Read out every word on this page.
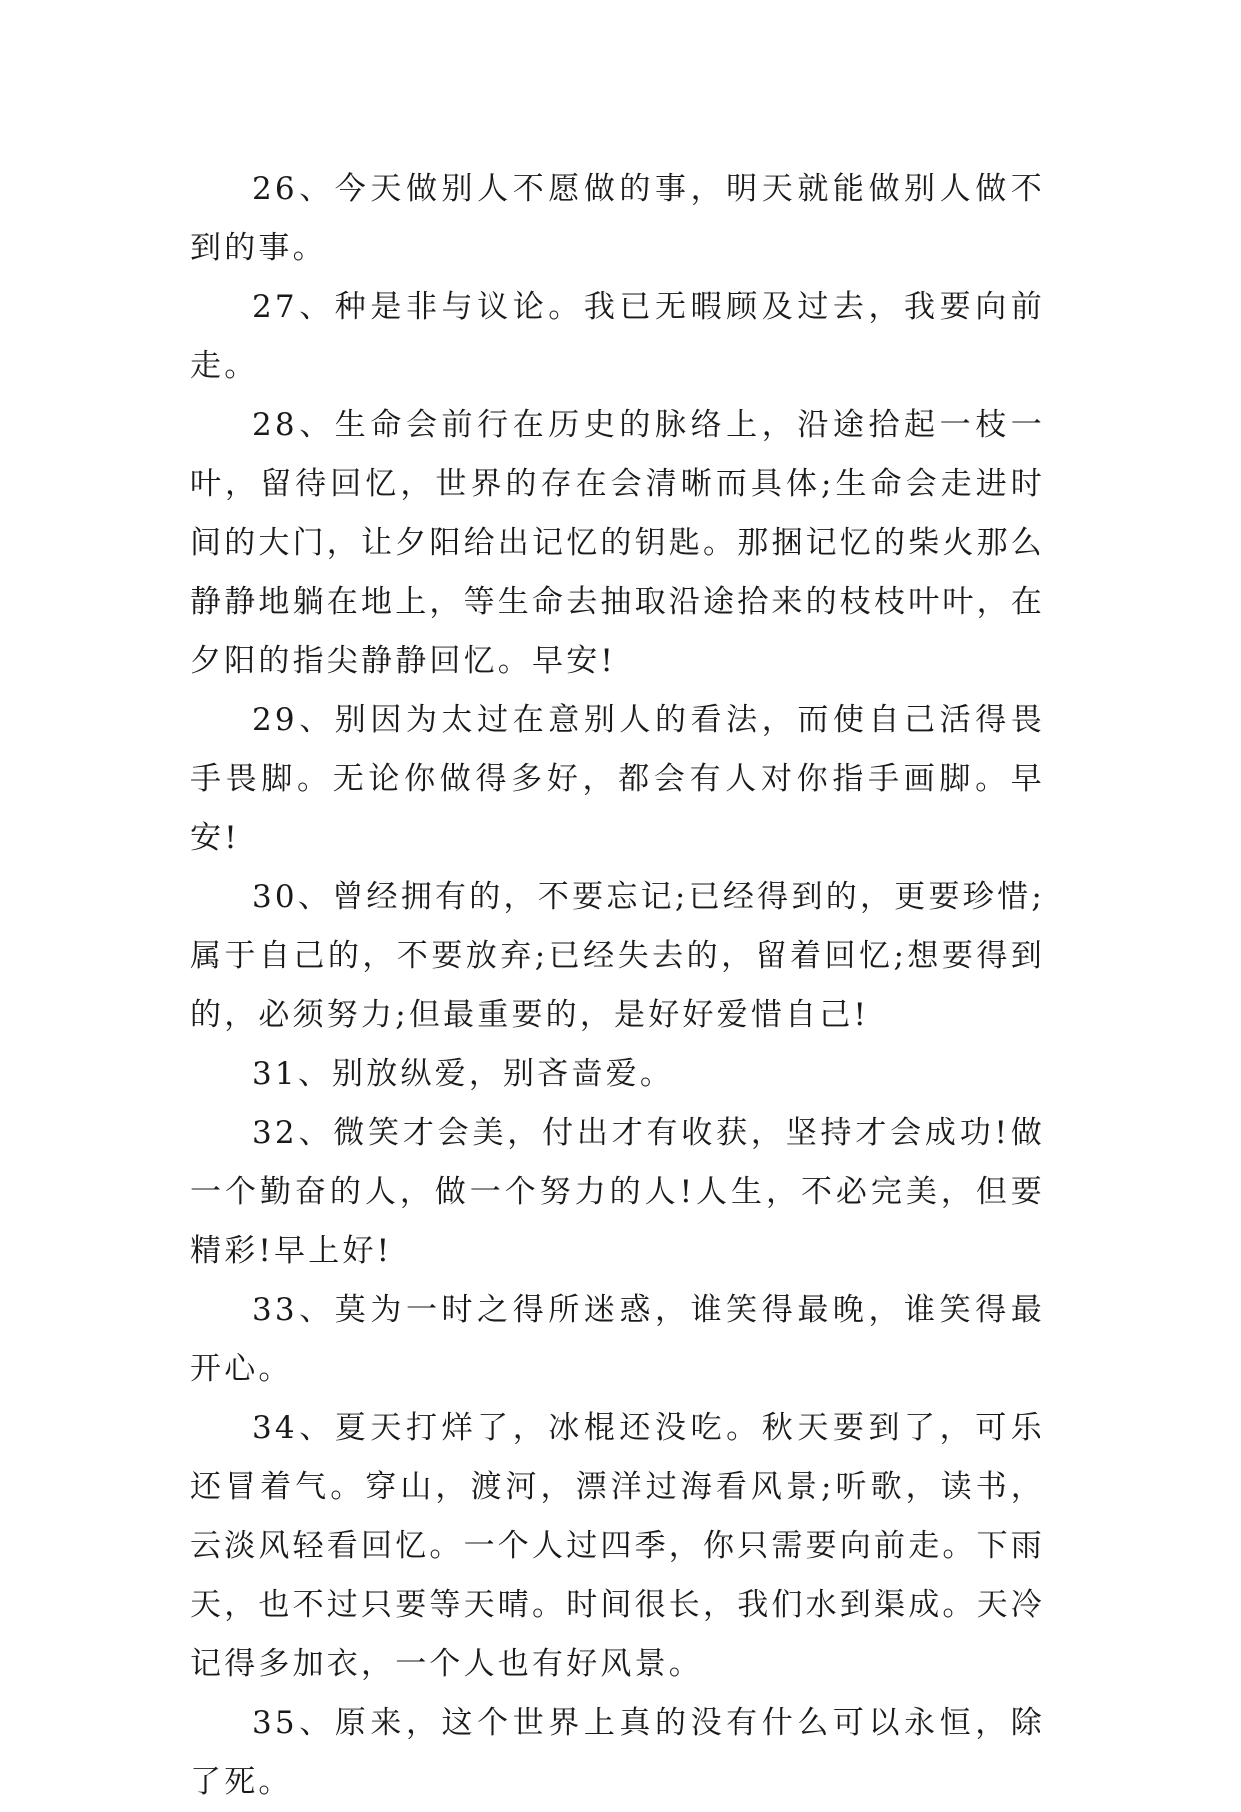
26、今天做别人不愿做的事，明天就能做别人做不到的事。

27、种是非与议论。我已无暇顾及过去，我要向前走。

28、生命会前行在历史的脉络上，沿途拾起一枝一叶，留待回忆，世界的存在会清晰而具体;生命会走进时间的大门，让夕阳给出记忆的钥匙。那捆记忆的柴火那么静静地躺在地上，等生命去抽取沿途拾来的枝枝叶叶，在夕阳的指尖静静回忆。早安!

29、别因为太过在意别人的看法，而使自己活得畏手畏脚。无论你做得多好，都会有人对你指手画脚。早安!

30、曾经拥有的，不要忘记;已经得到的，更要珍惜;属于自己的，不要放弃;已经失去的，留着回忆;想要得到的，必须努力;但最重要的，是好好爱惜自己!

31、别放纵爱，别吝啬爱。

32、微笑才会美，付出才有收获，坚持才会成功!做一个勤奋的人，做一个努力的人!人生，不必完美，但要精彩!早上好!

33、莫为一时之得所迷惑，谁笑得最晚，谁笑得最开心。

34、夏天打烊了，冰棍还没吃。秋天要到了，可乐还冒着气。穿山，渡河，漂洋过海看风景;听歌，读书，云淡风轻看回忆。一个人过四季，你只需要向前走。下雨天，也不过只要等天晴。时间很长，我们水到渠成。天冷记得多加衣，一个人也有好风景。

35、原来，这个世界上真的没有什么可以永恒，除了死。
